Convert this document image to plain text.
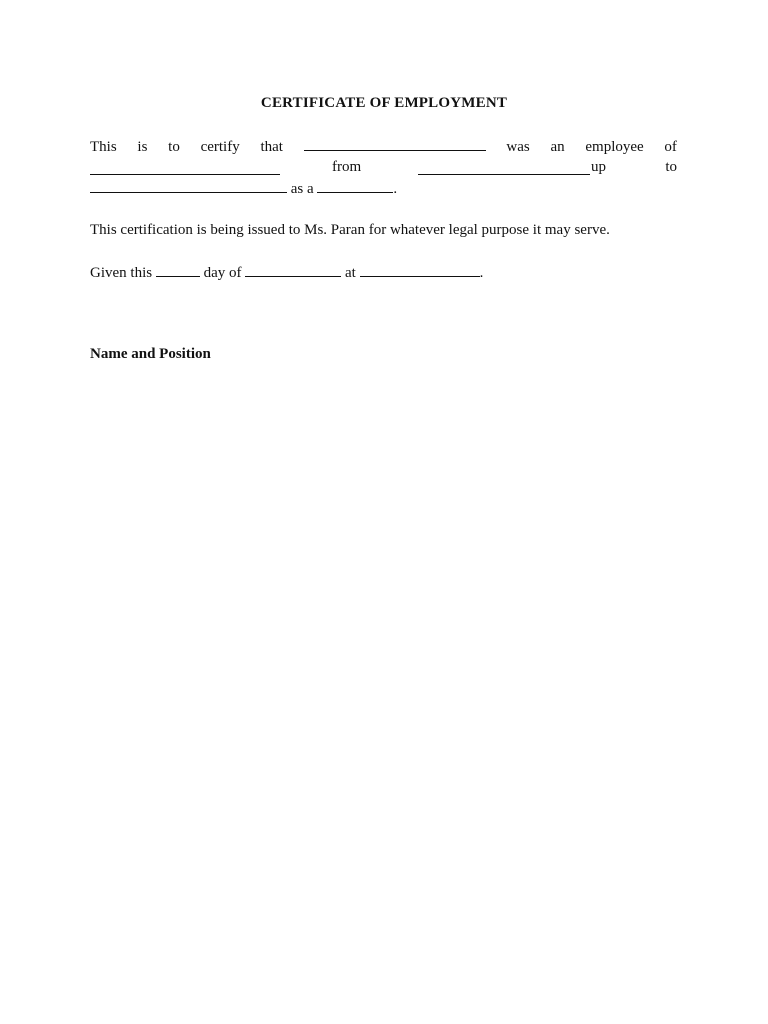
CERTIFICATE OF EMPLOYMENT
This is to certify that	was an employee of
from	up	to
as a	.
This certification is being issued to Ms. Paran for whatever legal purpose it may serve.
Given this	day of	at	.
Name and Position
